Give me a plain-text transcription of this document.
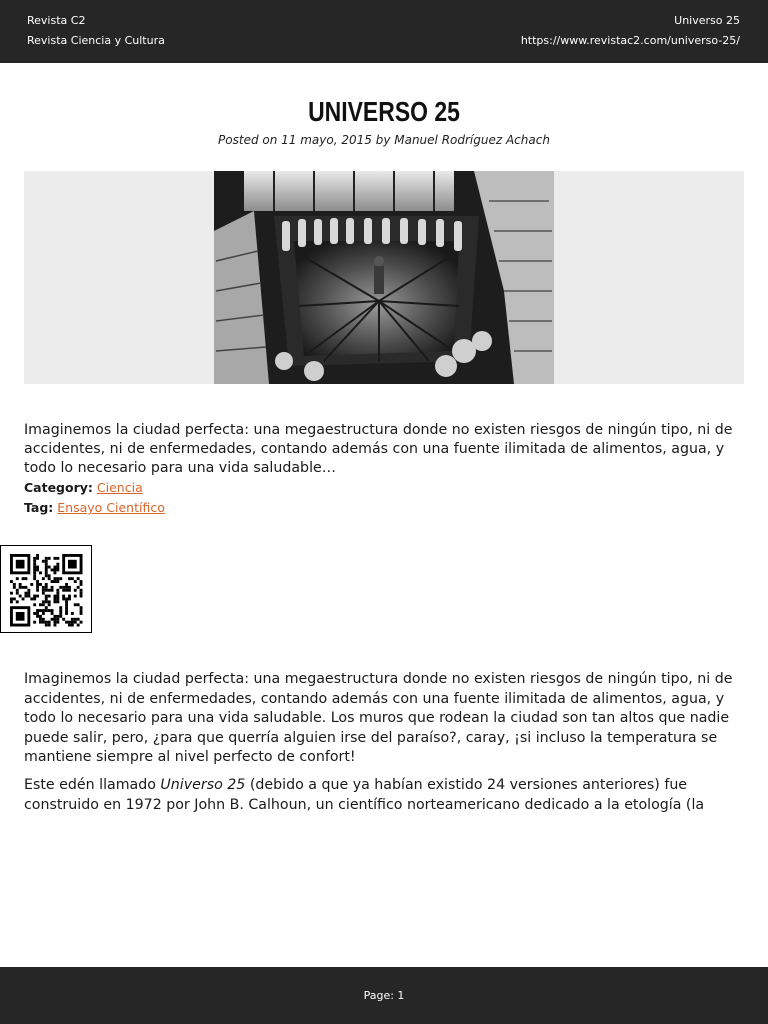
Revista C2
Revista Ciencia y Cultura
Universo 25
https://www.revistac2.com/universo-25/
UNIVERSO 25
Posted on 11 mayo, 2015 by Manuel Rodríguez Achach
Imaginemos la ciudad perfecta: una megaestructura donde no existen riesgos de ningún tipo, ni de accidentes, ni de enfermedades, contando además con una fuente ilimitada de alimentos, agua, y todo lo necesario para una vida saludable…
Category: Ciencia
Tag: Ensayo Científico
Imaginemos la ciudad perfecta: una megaestructura donde no existen riesgos de ningún tipo, ni de accidentes, ni de enfermedades, contando además con una fuente ilimitada de alimentos, agua, y todo lo necesario para una vida saludable. Los muros que rodean la ciudad son tan altos que nadie puede salir, pero, ¿para que querría alguien irse del paraíso?, caray, ¡si incluso la temperatura se mantiene siempre al nivel perfecto de confort!
Este edén llamado Universo 25 (debido a que ya habían existido 24 versiones anteriores) fue construido en 1972 por John B. Calhoun, un científico norteamericano dedicado a la etología (la
Page: 1
